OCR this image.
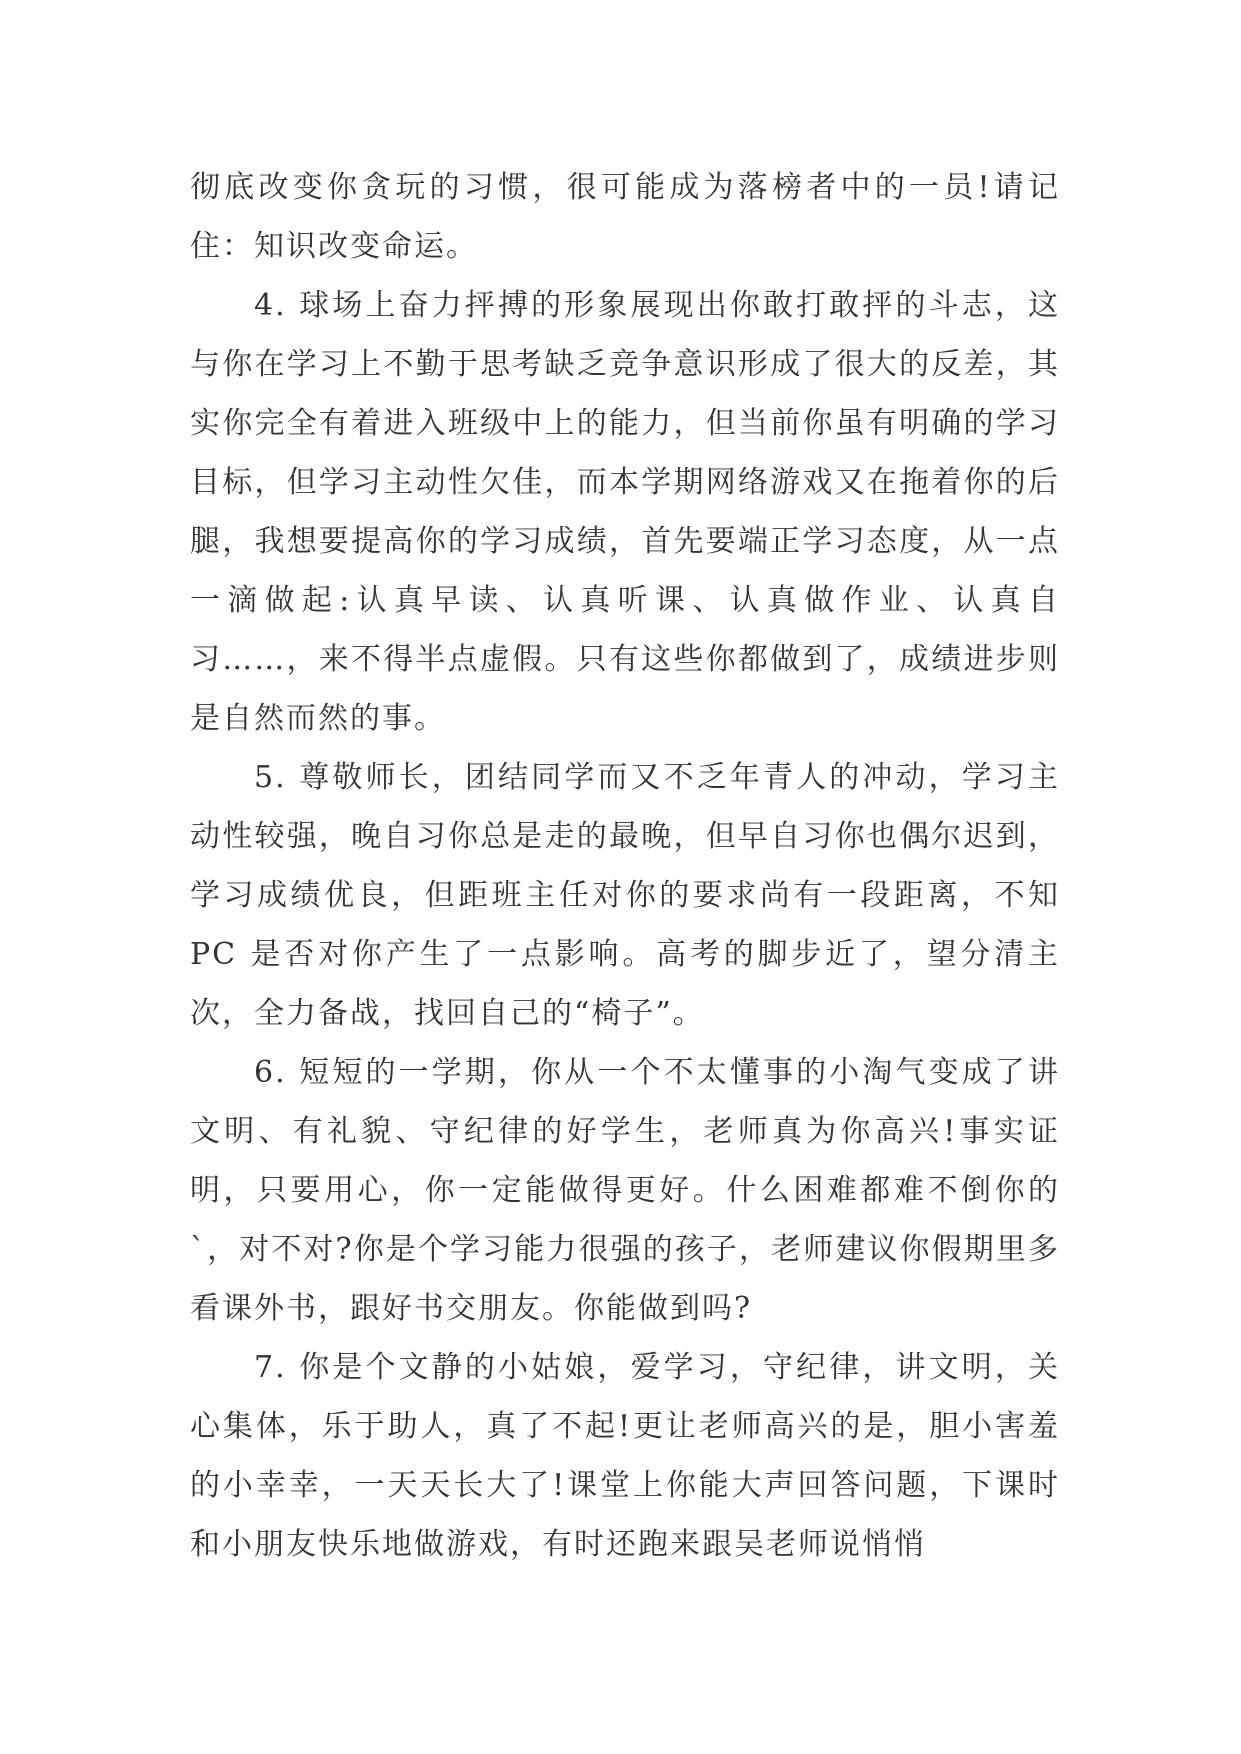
彻底改变你贪玩的习惯，很可能成为落榜者中的一员!请记住：知识改变命运。

4. 球场上奋力抨搏的形象展现出你敢打敢抨的斗志，这与你在学习上不勤于思考缺乏竞争意识形成了很大的反差，其实你完全有着进入班级中上的能力，但当前你虽有明确的学习目标，但学习主动性欠佳，而本学期网络游戏又在拖着你的后腿，我想要提高你的学习成绩，首先要端正学习态度，从一点一滴做起:认真早读、认真听课、认真做作业、认真自习……，来不得半点虚假。只有这些你都做到了，成绩进步则是自然而然的事。

5. 尊敬师长，团结同学而又不乏年青人的冲动，学习主动性较强，晚自习你总是走的最晚，但早自习你也偶尔迟到，学习成绩优良，但距班主任对你的要求尚有一段距离，不知 PC 是否对你产生了一点影响。高考的脚步近了，望分清主次，全力备战，找回自己的“椅子”。

6. 短短的一学期，你从一个不太懂事的小淘气变成了讲文明、有礼貌、守纪律的好学生，老师真为你高兴!事实证明，只要用心，你一定能做得更好。什么困难都难不倒你的`，对不对?你是个学习能力很强的孩子，老师建议你假期里多看课外书，跟好书交朋友。你能做到吗?

7. 你是个文静的小姑娘，爱学习，守纪律，讲文明，关心集体，乐于助人，真了不起!更让老师高兴的是，胆小害羞的小幸幸，一天天长大了!课堂上你能大声回答问题，下课时和小朋友快乐地做游戏，有时还跑来跟吴老师说悄悄
